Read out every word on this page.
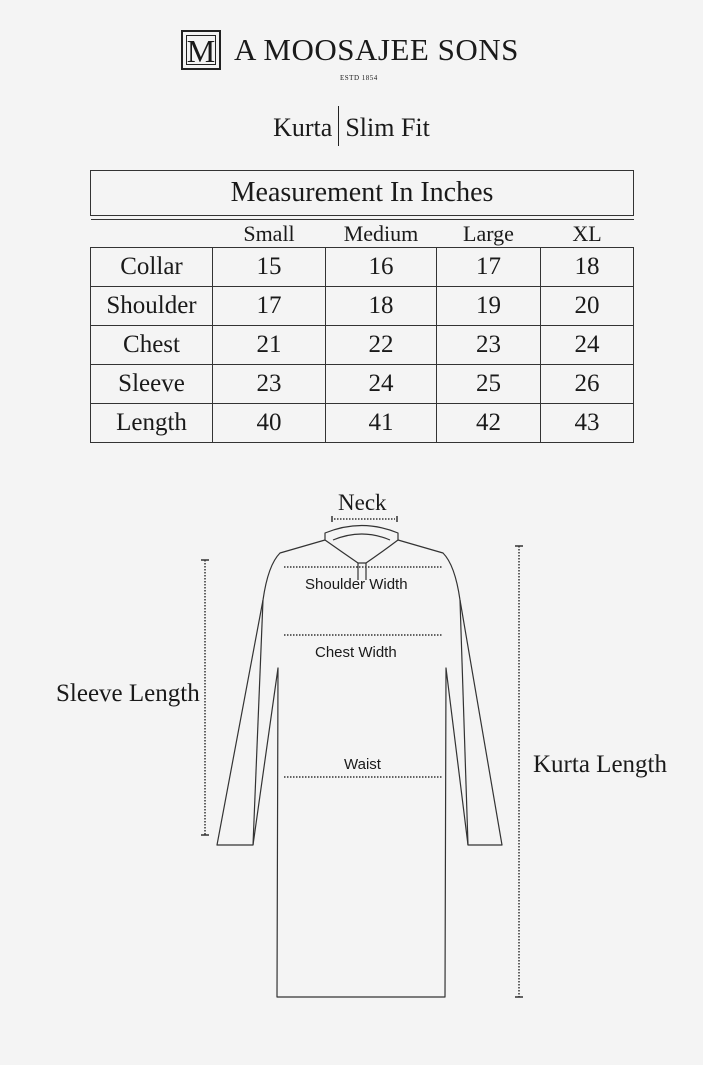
M A MOOSAJEE SONS
ESTD 1854
Kurta Slim Fit
Measurement In Inches				

	Small	Medium	Large	XL
Collar	15	16	17	18
Shoulder	17	18	19	20
Chest	21	22	23	24
Sleeve	23	24	25	26
Length	40	41	42	43
Neck
Shoulder Width
Chest Width
Waist
Sleeve Length
Kurta Length
